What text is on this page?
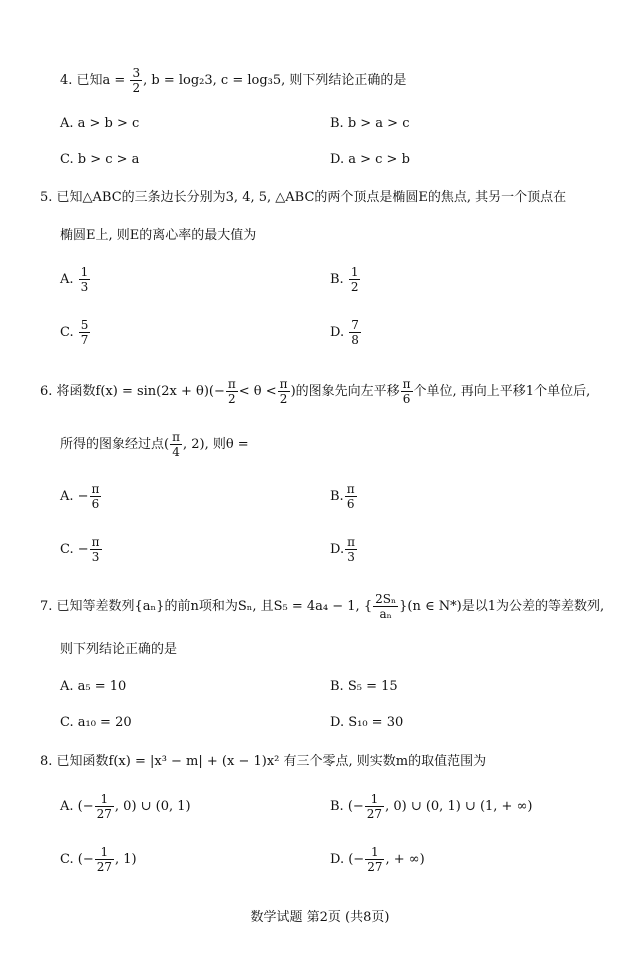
4. 已知$a = \frac{3}{2}$ , b = log₂3, c = log₃5, 则下列结论正确的是
A. a > b > c	B. b > a > c
C. b > c > a	D. a > c > b
5. 已知△ABC的三条边长分别为3, 4, 5, △ABC的两个顶点是椭圆E的焦点, 其另一个顶点在
椭圆E上, 则E的离心率的最大值为
A. $\frac{1}{3}$	B. $\frac{1}{2}$
C. $\frac{5}{7}$	D. $\frac{7}{8}$
6. 将函数$f(x) = \sin(2x + \theta)(- \frac{\pi}{2} < \theta < \frac{\pi}{2}$ )的图象先向左平移 $\frac{\pi}{6}$ 个单位, 再向上平移1个单位后,
所得的图象经过点( $\frac{\pi}{4}$ , 2), 则θ =
A. − $\frac{\pi}{6}$	B. $\frac{\pi}{6}$
C. − $\frac{\pi}{3}$	D. $\frac{\pi}{3}$
7. 已知等差数列{aₙ}的前n项和为Sₙ, 且S₅ = 4a₄ − 1, { $\frac{\text{2Sₙ}}{\text{aₙ}} \}(n$ ∈ N*)是以1为公差的等差数列,
则下列结论正确的是
A. a₅ = 10	B. S₅ = 15
C. a₁₀ = 20	D. S₁₀ = 30
8. 已知函数f(x) = |x³ − m| + (x − 1)x² 有三个零点, 则实数m的取值范围为
A. (− $\frac{1}{27}$ , 0) ∪ (0, 1)	B. (− $\frac{1}{27}$ , 0) ∪ (0, 1) ∪ (1, + ∞)
C. (− $\frac{1}{27}$ , 1)	D. (− $\frac{1}{27}$ , + ∞)
数学试题 第2页 (共8页)
